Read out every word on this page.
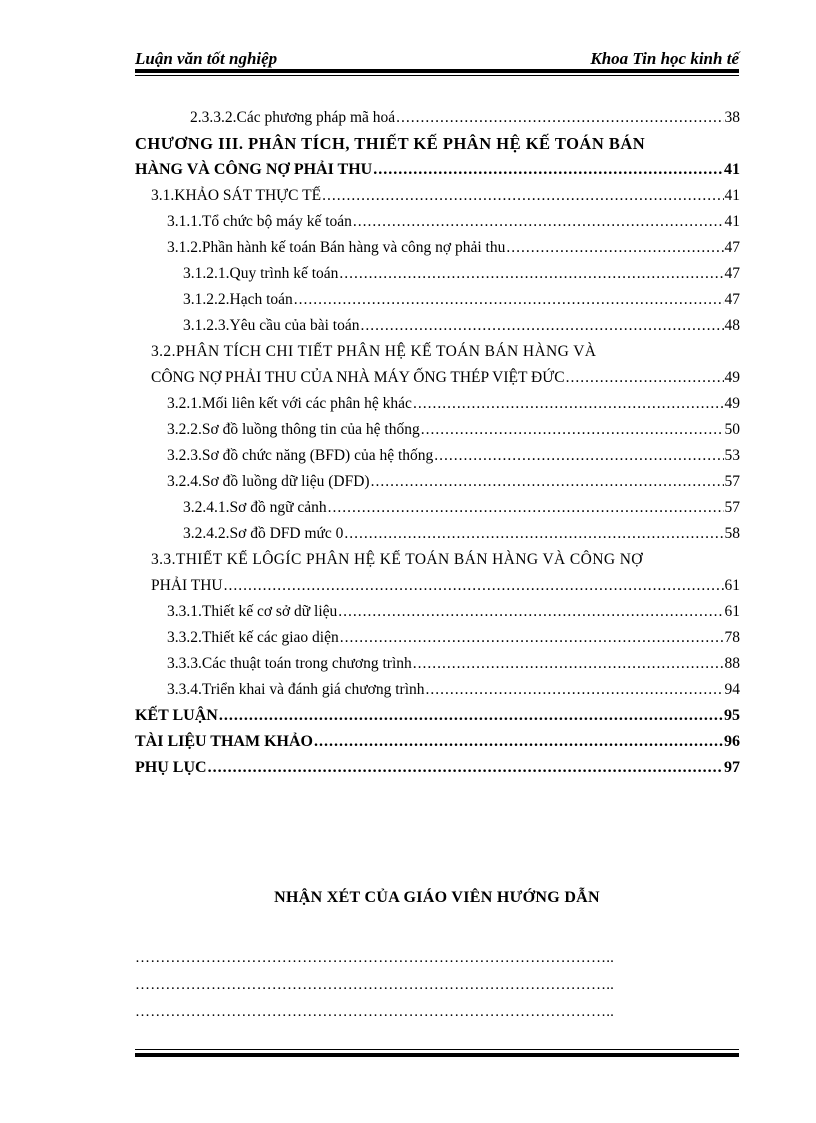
Luận văn tốt nghiệp	Khoa Tin học kinh tế
2.3.3.2.Các phương pháp mã hoá .....	38
CHƯƠNG III. PHÂN TÍCH, THIẾT KẾ PHÂN HỆ KẾ TOÁN BÁN
HÀNG VÀ CÔNG NỢ PHẢI THU .....	41
3.1.KHẢO SÁT THỰC TẾ .....	41
3.1.1.Tổ chức bộ máy kế toán .....	41
3.1.2.Phần hành kế toán Bán hàng và công nợ phải thu .....	47
3.1.2.1.Quy trình kế toán .....	47
3.1.2.2.Hạch toán .....	47
3.1.2.3.Yêu cầu của bài toán .....	48
3.2.PHÂN TÍCH CHI TIẾT PHÂN HỆ KẾ TOÁN BÁN HÀNG VÀ
CÔNG NỢ PHẢI THU CỦA NHÀ MÁY ỐNG THÉP VIỆT ĐỨC .....	49
3.2.1.Mối liên kết với các phân hệ khác .....	49
3.2.2.Sơ đồ luồng thông tin của hệ thống .....	50
3.2.3.Sơ đồ chức năng (BFD) của hệ thống .....	53
3.2.4.Sơ đồ luồng dữ liệu (DFD) .....	57
3.2.4.1.Sơ đồ ngữ cảnh .....	57
3.2.4.2.Sơ đồ DFD mức 0 .....	58
3.3.THIẾT KẾ LÔGÍC PHÂN HỆ KẾ TOÁN BÁN HÀNG VÀ CÔNG NỢ
PHẢI THU .....	61
3.3.1.Thiết kế cơ sở dữ liệu .....	61
3.3.2.Thiết kế các giao diện .....	78
3.3.3.Các thuật toán trong chương trình .....	88
3.3.4.Triển khai và đánh giá chương trình .....	94
KẾT LUẬN .....	95
TÀI LIỆU THAM KHẢO .....	96
PHỤ LỤC .....	97
NHẬN XÉT CỦA GIÁO VIÊN HƯỚNG DẪN
…………………………………………………………………………………..
…………………………………………………………………………………..
…………………………………………………………………………………..
